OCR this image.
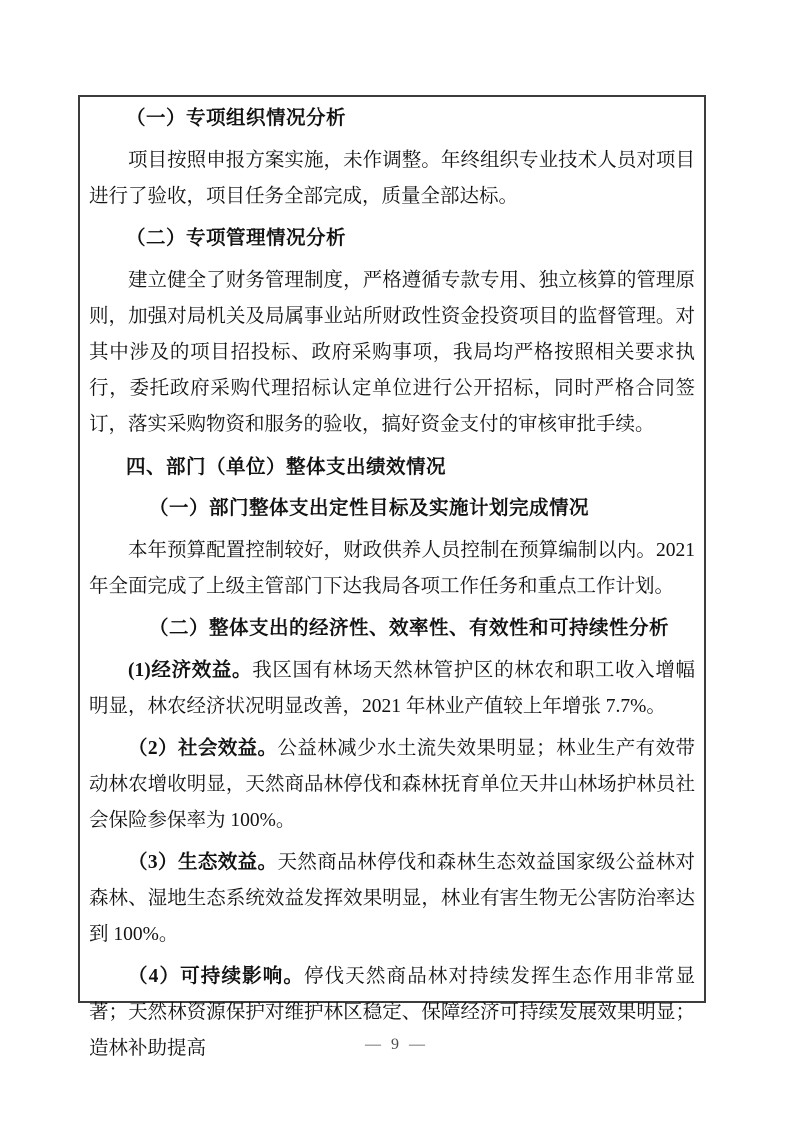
（一）专项组织情况分析
项目按照申报方案实施，未作调整。年终组织专业技术人员对项目进行了验收，项目任务全部完成，质量全部达标。
（二）专项管理情况分析
建立健全了财务管理制度，严格遵循专款专用、独立核算的管理原则，加强对局机关及局属事业站所财政性资金投资项目的监督管理。对其中涉及的项目招投标、政府采购事项，我局均严格按照相关要求执行，委托政府采购代理招标认定单位进行公开招标，同时严格合同签订，落实采购物资和服务的验收，搞好资金支付的审核审批手续。
四、部门（单位）整体支出绩效情况
（一）部门整体支出定性目标及实施计划完成情况
本年预算配置控制较好，财政供养人员控制在预算编制以内。2021 年全面完成了上级主管部门下达我局各项工作任务和重点工作计划。
（二）整体支出的经济性、效率性、有效性和可持续性分析
(1)经济效益。我区国有林场天然林管护区的林农和职工收入增幅明显，林农经济状况明显改善，2021 年林业产值较上年增张 7.7%。
（2）社会效益。公益林减少水土流失效果明显；林业生产有效带动林农增收明显，天然商品林停伐和森林抚育单位天井山林场护林员社会保险参保率为 100%。
（3）生态效益。天然商品林停伐和森林生态效益国家级公益林对森林、湿地生态系统效益发挥效果明显，林业有害生物无公害防治率达到 100%。
（4）可持续影响。停伐天然商品林对持续发挥生态作用非常显著；天然林资源保护对维护林区稳定、保障经济可持续发展效果明显；造林补助提高	— 9 —
